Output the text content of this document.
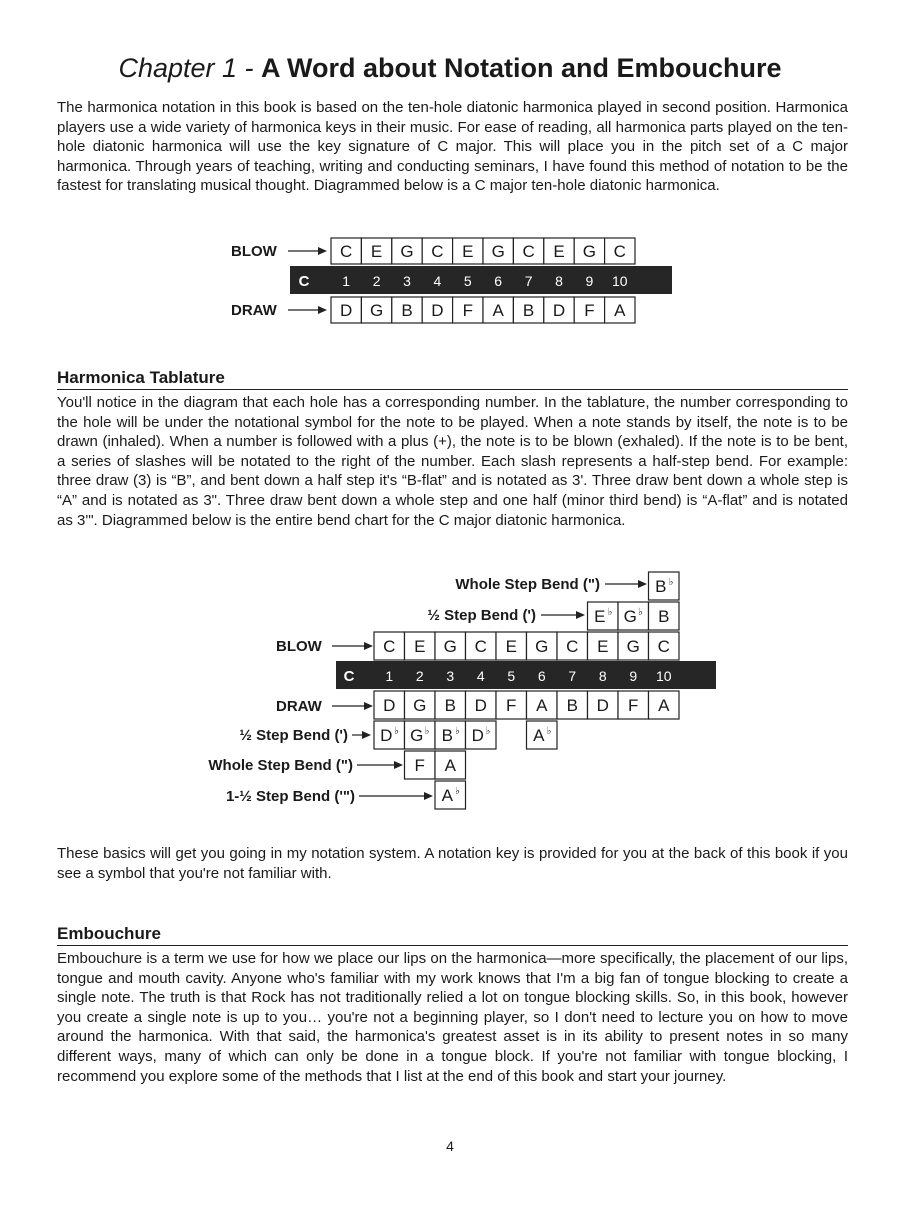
Chapter 1 - A Word about Notation and Embouchure
The harmonica notation in this book is based on the ten-hole diatonic harmonica played in second position. Harmonica players use a wide variety of harmonica keys in their music. For ease of reading, all harmonica parts played on the ten-hole diatonic harmonica will use the key signature of C major. This will place you in the pitch set of a C major harmonica. Through years of teaching, writing and conducting seminars, I have found this method of notation to be the fastest for translating musical thought. Diagrammed below is a C major ten-hole diatonic harmonica.
BLOW
DRAW
C
C E G C E G C E G C
1 2 3 4 5 6 7 8 9 10
D G B D F A B D F A
Harmonica Tablature
You'll notice in the diagram that each hole has a corresponding number. In the tablature, the number corresponding to the hole will be under the notational symbol for the note to be played. When a note stands by itself, the note is to be drawn (inhaled). When a number is followed with a plus (+), the note is to be blown (exhaled). If the note is to be bent, a series of slashes will be notated to the right of the number. Each slash represents a half-step bend. For example: three draw (3) is “B”, and bent down a half step it's “B-flat” and is notated as 3'. Three draw bent down a whole step is “A” and is notated as 3". Three draw bent down a whole step and one half (minor third bend) is “A-flat” and is notated as 3'". Diagrammed below is the entire bend chart for the C major diatonic harmonica.
Whole Step Bend (")
½ Step Bend (')
BLOW
DRAW
½ Step Bend (')
Whole Step Bend (")
1-½ Step Bend ('")
C
B ♭
E ♭ G ♭ B
C E G C E G C E G C
1 2 3 4 5 6 7 8 9 10
D G B D F A B D F A
D ♭ G ♭ B ♭ D ♭	A ♭
F A
A ♭
These basics will get you going in my notation system. A notation key is provided for you at the back of this book if you see a symbol that you're not familiar with.
Embouchure
Embouchure is a term we use for how we place our lips on the harmonica—more specifically, the placement of our lips, tongue and mouth cavity. Anyone who's familiar with my work knows that I'm a big fan of tongue blocking to create a single note. The truth is that Rock has not traditionally relied a lot on tongue blocking skills. So, in this book, however you create a single note is up to you… you're not a beginning player, so I don't need to lecture you on how to move around the harmonica. With that said, the harmonica's greatest asset is in its ability to present notes in so many different ways, many of which can only be done in a tongue block. If you're not familiar with tongue blocking, I recommend you explore some of the methods that I list at the end of this book and start your journey.
4
